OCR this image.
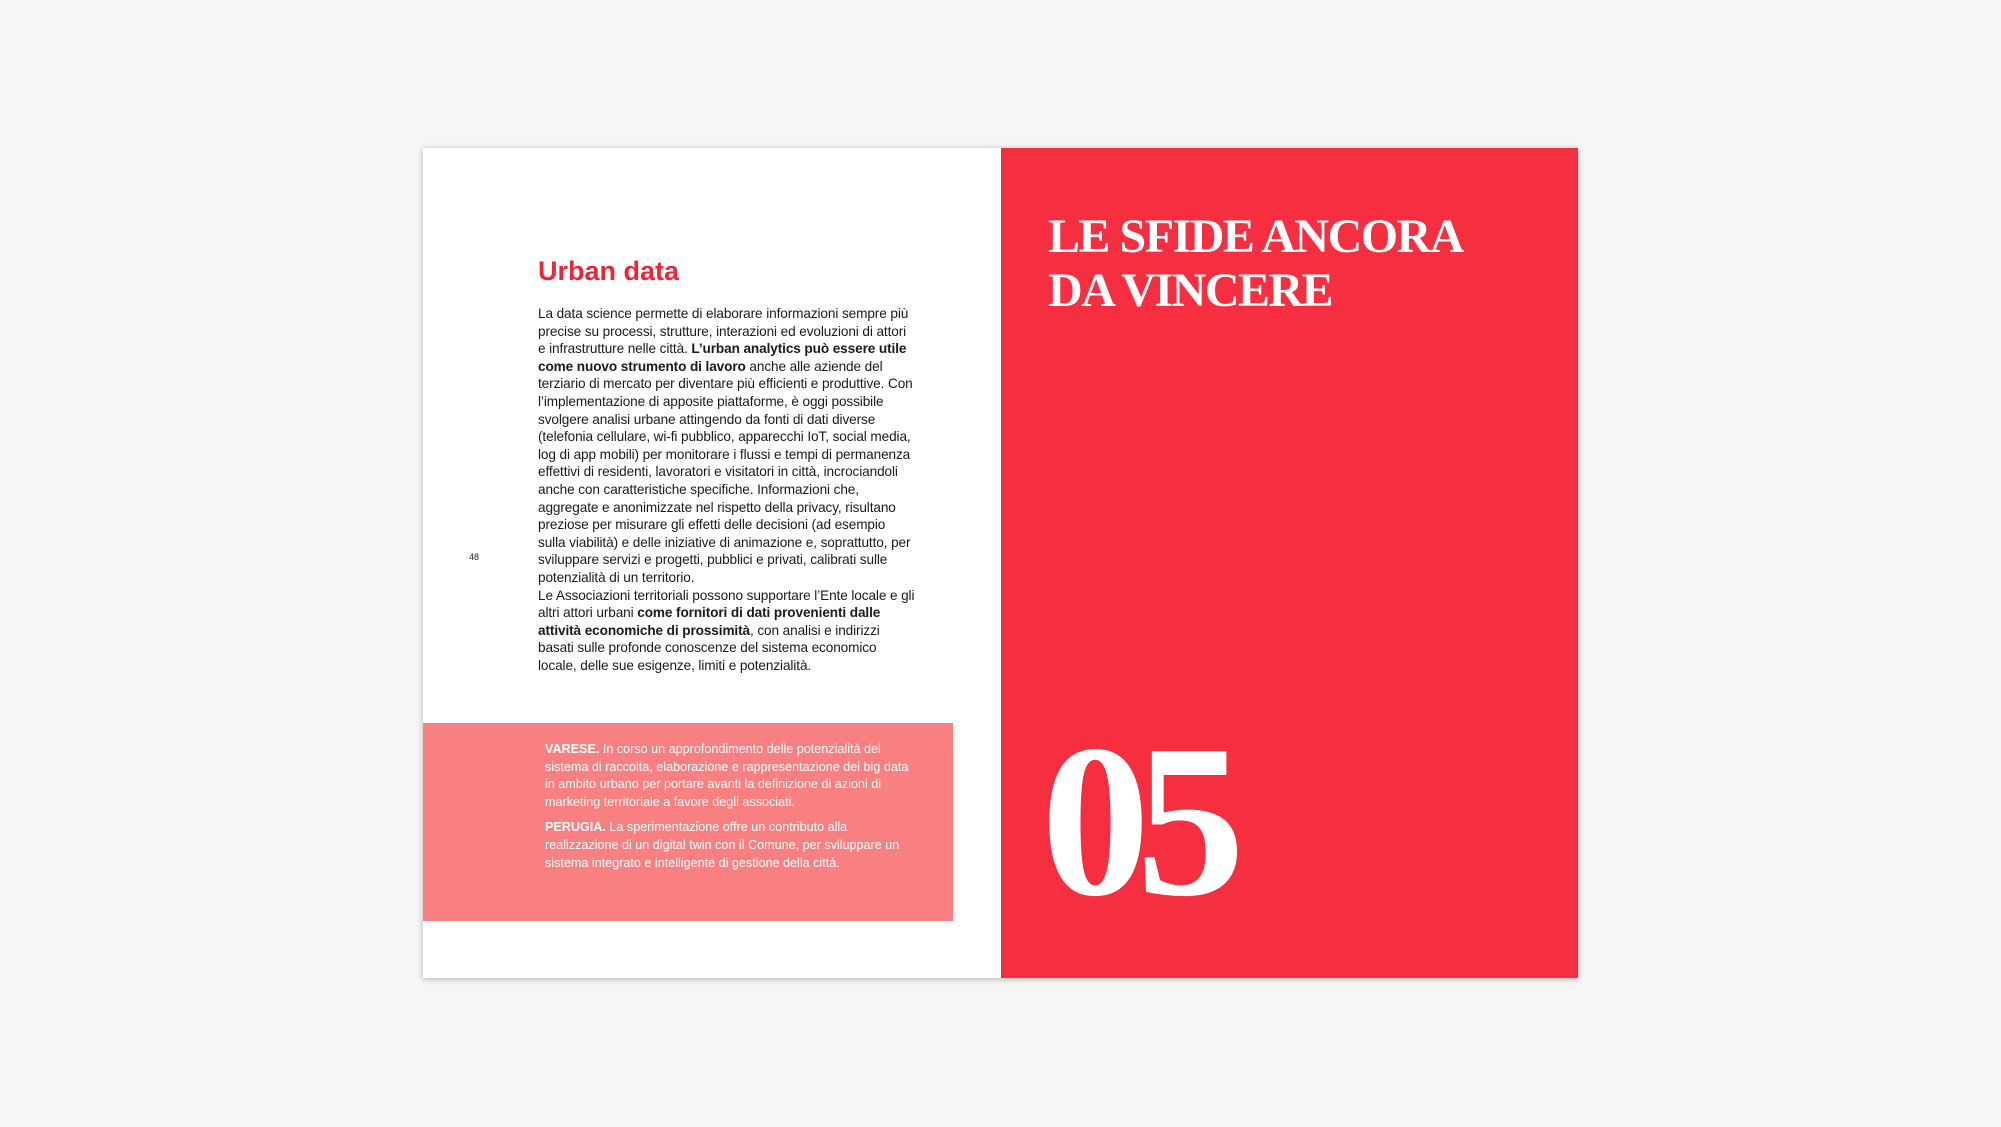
Urban data

La data science permette di elaborare informazioni sempre più precise su processi, strutture, interazioni ed evoluzioni di attori e infrastrutture nelle città. L’urban analytics può essere utile come nuovo strumento di lavoro anche alle aziende del terziario di mercato per diventare più efficienti e produttive. Con l’implementazione di apposite piattaforme, è oggi possibile svolgere analisi urbane attingendo da fonti di dati diverse (telefonia cellulare, wi-fi pubblico, apparecchi IoT, social media, log di app mobili) per monitorare i flussi e tempi di permanenza effettivi di residenti, lavoratori e visitatori in città, incrociandoli anche con caratteristiche specifiche. Informazioni che, aggregate e anonimizzate nel rispetto della privacy, risultano preziose per misurare gli effetti delle decisioni (ad esempio sulla viabilità) e delle iniziative di animazione e, soprattutto, per sviluppare servizi e progetti, pubblici e privati, calibrati sulle potenzialità di un territorio.

Le Associazioni territoriali possono supportare l’Ente locale e gli altri attori urbani come fornitori di dati provenienti dalle attività economiche di prossimità, con analisi e indirizzi basati sulle profonde conoscenze del sistema economico locale, delle sue esigenze, limiti e potenzialità.

48

VARESE. In corso un approfondimento delle potenzialità del sistema di raccolta, elaborazione e rappresentazione dei big data in ambito urbano per portare avanti la definizione di azioni di marketing territoriale a favore degli associati.

PERUGIA. La sperimentazione offre un contributo alla realizzazione di un digital twin con il Comune, per sviluppare un sistema integrato e intelligente di gestione della città.

LE SFIDE ANCORA
DA VINCERE
05
